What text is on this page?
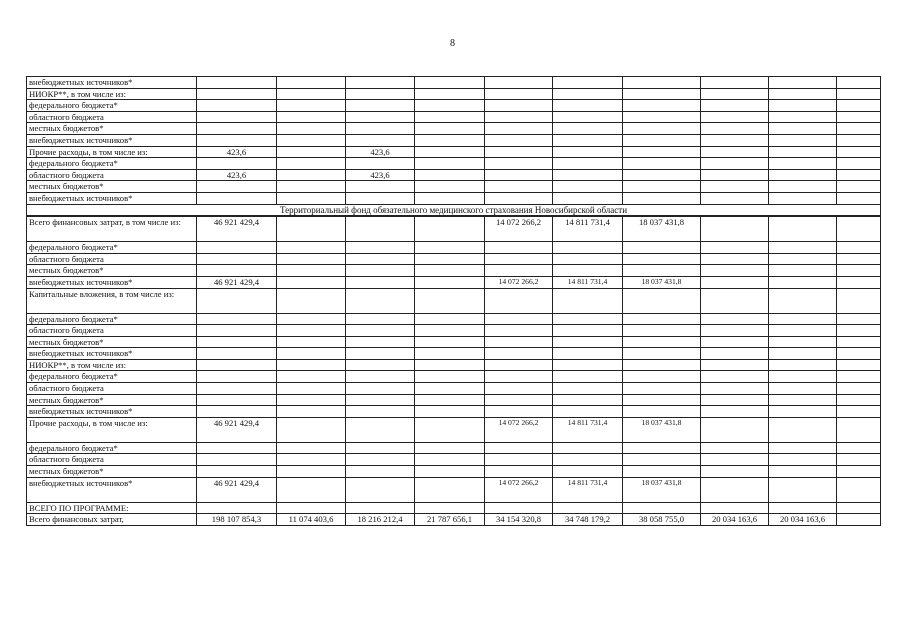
8
внебюджетных источников*										
НИОКР**, в том числе из:										
федерального бюджета*										
областного бюджета										
местных бюджетов*										
внебюджетных источников*										
Прочие расходы, в том числе из:	423,6		423,6							
федерального бюджета*										
областного бюджета	423,6		423,6							
местных бюджетов*										
внебюджетных источников*										
Территориальный фонд обязательного медицинского страхования Новосибирской области										

Всего финансовых затрат, в том числе из:	46 921 429,4				14 072 266,2	14 811 731,4	18 037 431,8			
федерального бюджета*										
областного бюджета										
местных бюджетов*										
внебюджетных источников*	46 921 429,4				14 072 266,2	14 811 731,4	18 037 431,8			
Капитальные вложения, в том числе из:										
федерального бюджета*										
областного бюджета										
местных бюджетов*										
внебюджетных источников*										
НИОКР**, в том числе из:										
федерального бюджета*										
областного бюджета										
местных бюджетов*										
внебюджетных источников*										
Прочие расходы, в том числе из:	46 921 429,4				14 072 266,2	14 811 731,4	18 037 431,8			
федерального бюджета*										
областного бюджета										
местных бюджетов*										
внебюджетных источников*	46 921 429,4				14 072 266,2	14 811 731,4	18 037 431,8			
ВСЕГО ПО ПРОГРАММЕ:										
Всего финансовых затрат,	198 107 854,3	11 074 403,6	18 216 212,4	21 787 656,1	34 154 320,8	34 748 179,2	38 058 755,0	20 034 163,6	20 034 163,6	
